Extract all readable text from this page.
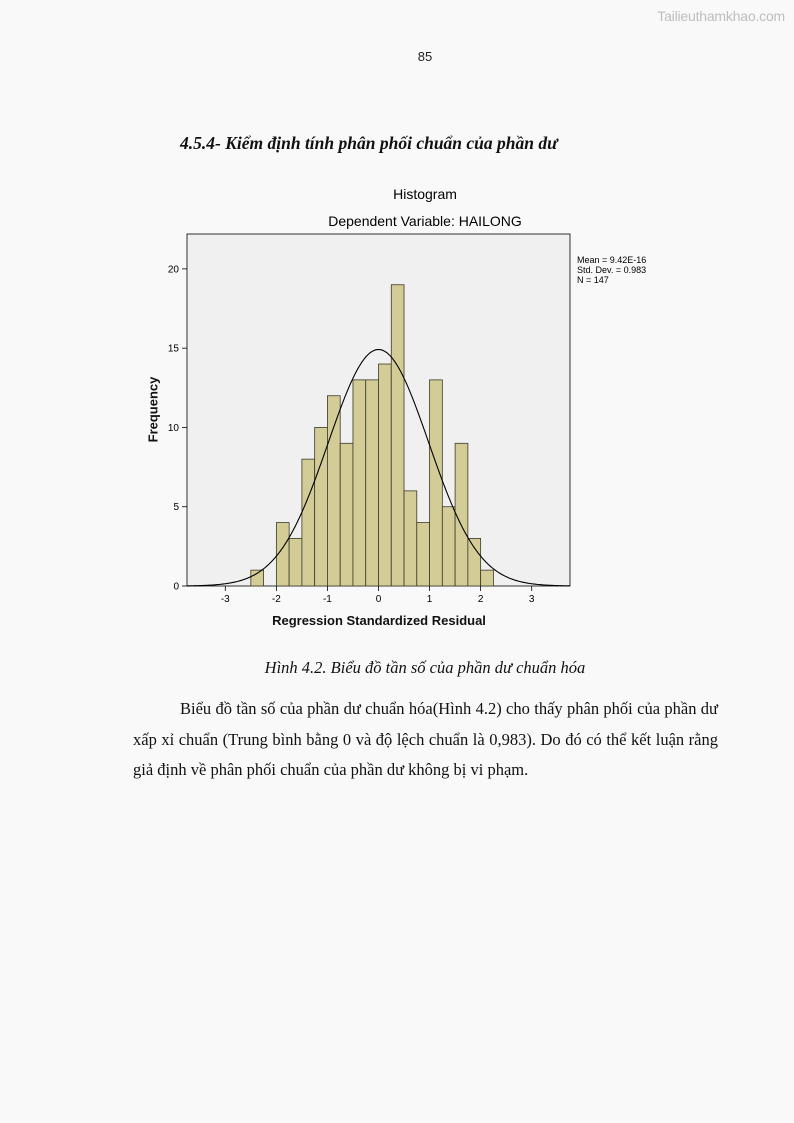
Tailieuthamkhao.com
85
4.5.4- Kiểm định tính phân phối chuẩn của phần dư
Histogram
Dependent Variable: HAILONG
0
5
10
15
20
-3	-2	-1	0	1	2	3
Mean = 9.42E-16
Std. Dev. = 0.983
N = 147
Frequency
Regression Standardized Residual

Hình 4.2. Biểu đồ tần số của phần dư chuẩn hóa

Biểu đồ tần số của phần dư chuẩn hóa(Hình 4.2) cho thấy phân phối của phần dư xấp xỉ chuẩn (Trung bình bằng 0 và độ lệch chuẩn là 0,983). Do đó có thể kết luận rằng giả định về phân phối chuẩn của phần dư không bị vi phạm.
